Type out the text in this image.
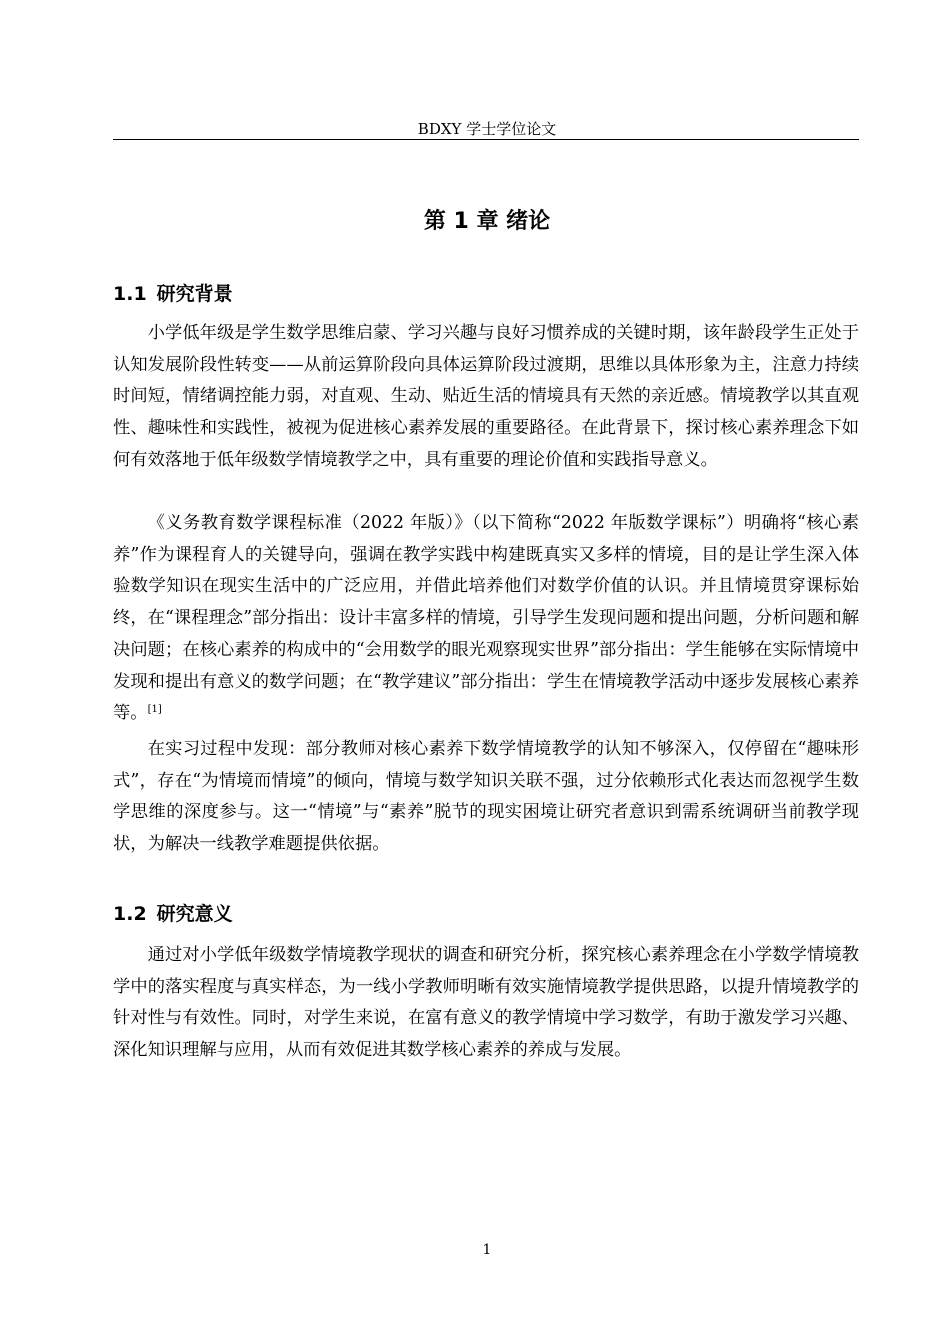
BDXY 学士学位论文
第 1 章 绪论
1.1 研究背景

小学低年级是学生数学思维启蒙、学习兴趣与良好习惯养成的关键时期，该年龄段学生正处于认知发展阶段性转变——从前运算阶段向具体运算阶段过渡期，思维以具体形象为主，注意力持续时间短，情绪调控能力弱，对直观、生动、贴近生活的情境具有天然的亲近感。情境教学以其直观性、趣味性和实践性，被视为促进核心素养发展的重要路径。在此背景下，探讨核心素养理念下如何有效落地于低年级数学情境教学之中，具有重要的理论价值和实践指导意义。

《义务教育数学课程标准（2022 年版）》（以下简称“2022 年版数学课标”）明确将“核心素养”作为课程育人的关键导向，强调在教学实践中构建既真实又多样的情境，目的是让学生深入体验数学知识在现实生活中的广泛应用，并借此培养他们对数学价值的认识。并且情境贯穿课标始终，在“课程理念”部分指出：设计丰富多样的情境，引导学生发现问题和提出问题，分析问题和解决问题；在核心素养的构成中的“会用数学的眼光观察现实世界”部分指出：学生能够在实际情境中发现和提出有意义的数学问题；在“教学建议”部分指出：学生在情境教学活动中逐步发展核心素养等。[1]

在实习过程中发现：部分教师对核心素养下数学情境教学的认知不够深入，仅停留在“趣味形式”，存在“为情境而情境”的倾向，情境与数学知识关联不强，过分依赖形式化表达而忽视学生数学思维的深度参与。这一“情境”与“素养”脱节的现实困境让研究者意识到需系统调研当前教学现状，为解决一线教学难题提供依据。

1.2 研究意义

通过对小学低年级数学情境教学现状的调查和研究分析，探究核心素养理念在小学数学情境教学中的落实程度与真实样态，为一线小学教师明晰有效实施情境教学提供思路，以提升情境教学的针对性与有效性。同时，对学生来说，在富有意义的教学情境中学习数学，有助于激发学习兴趣、深化知识理解与应用，从而有效促进其数学核心素养的养成与发展。

1
